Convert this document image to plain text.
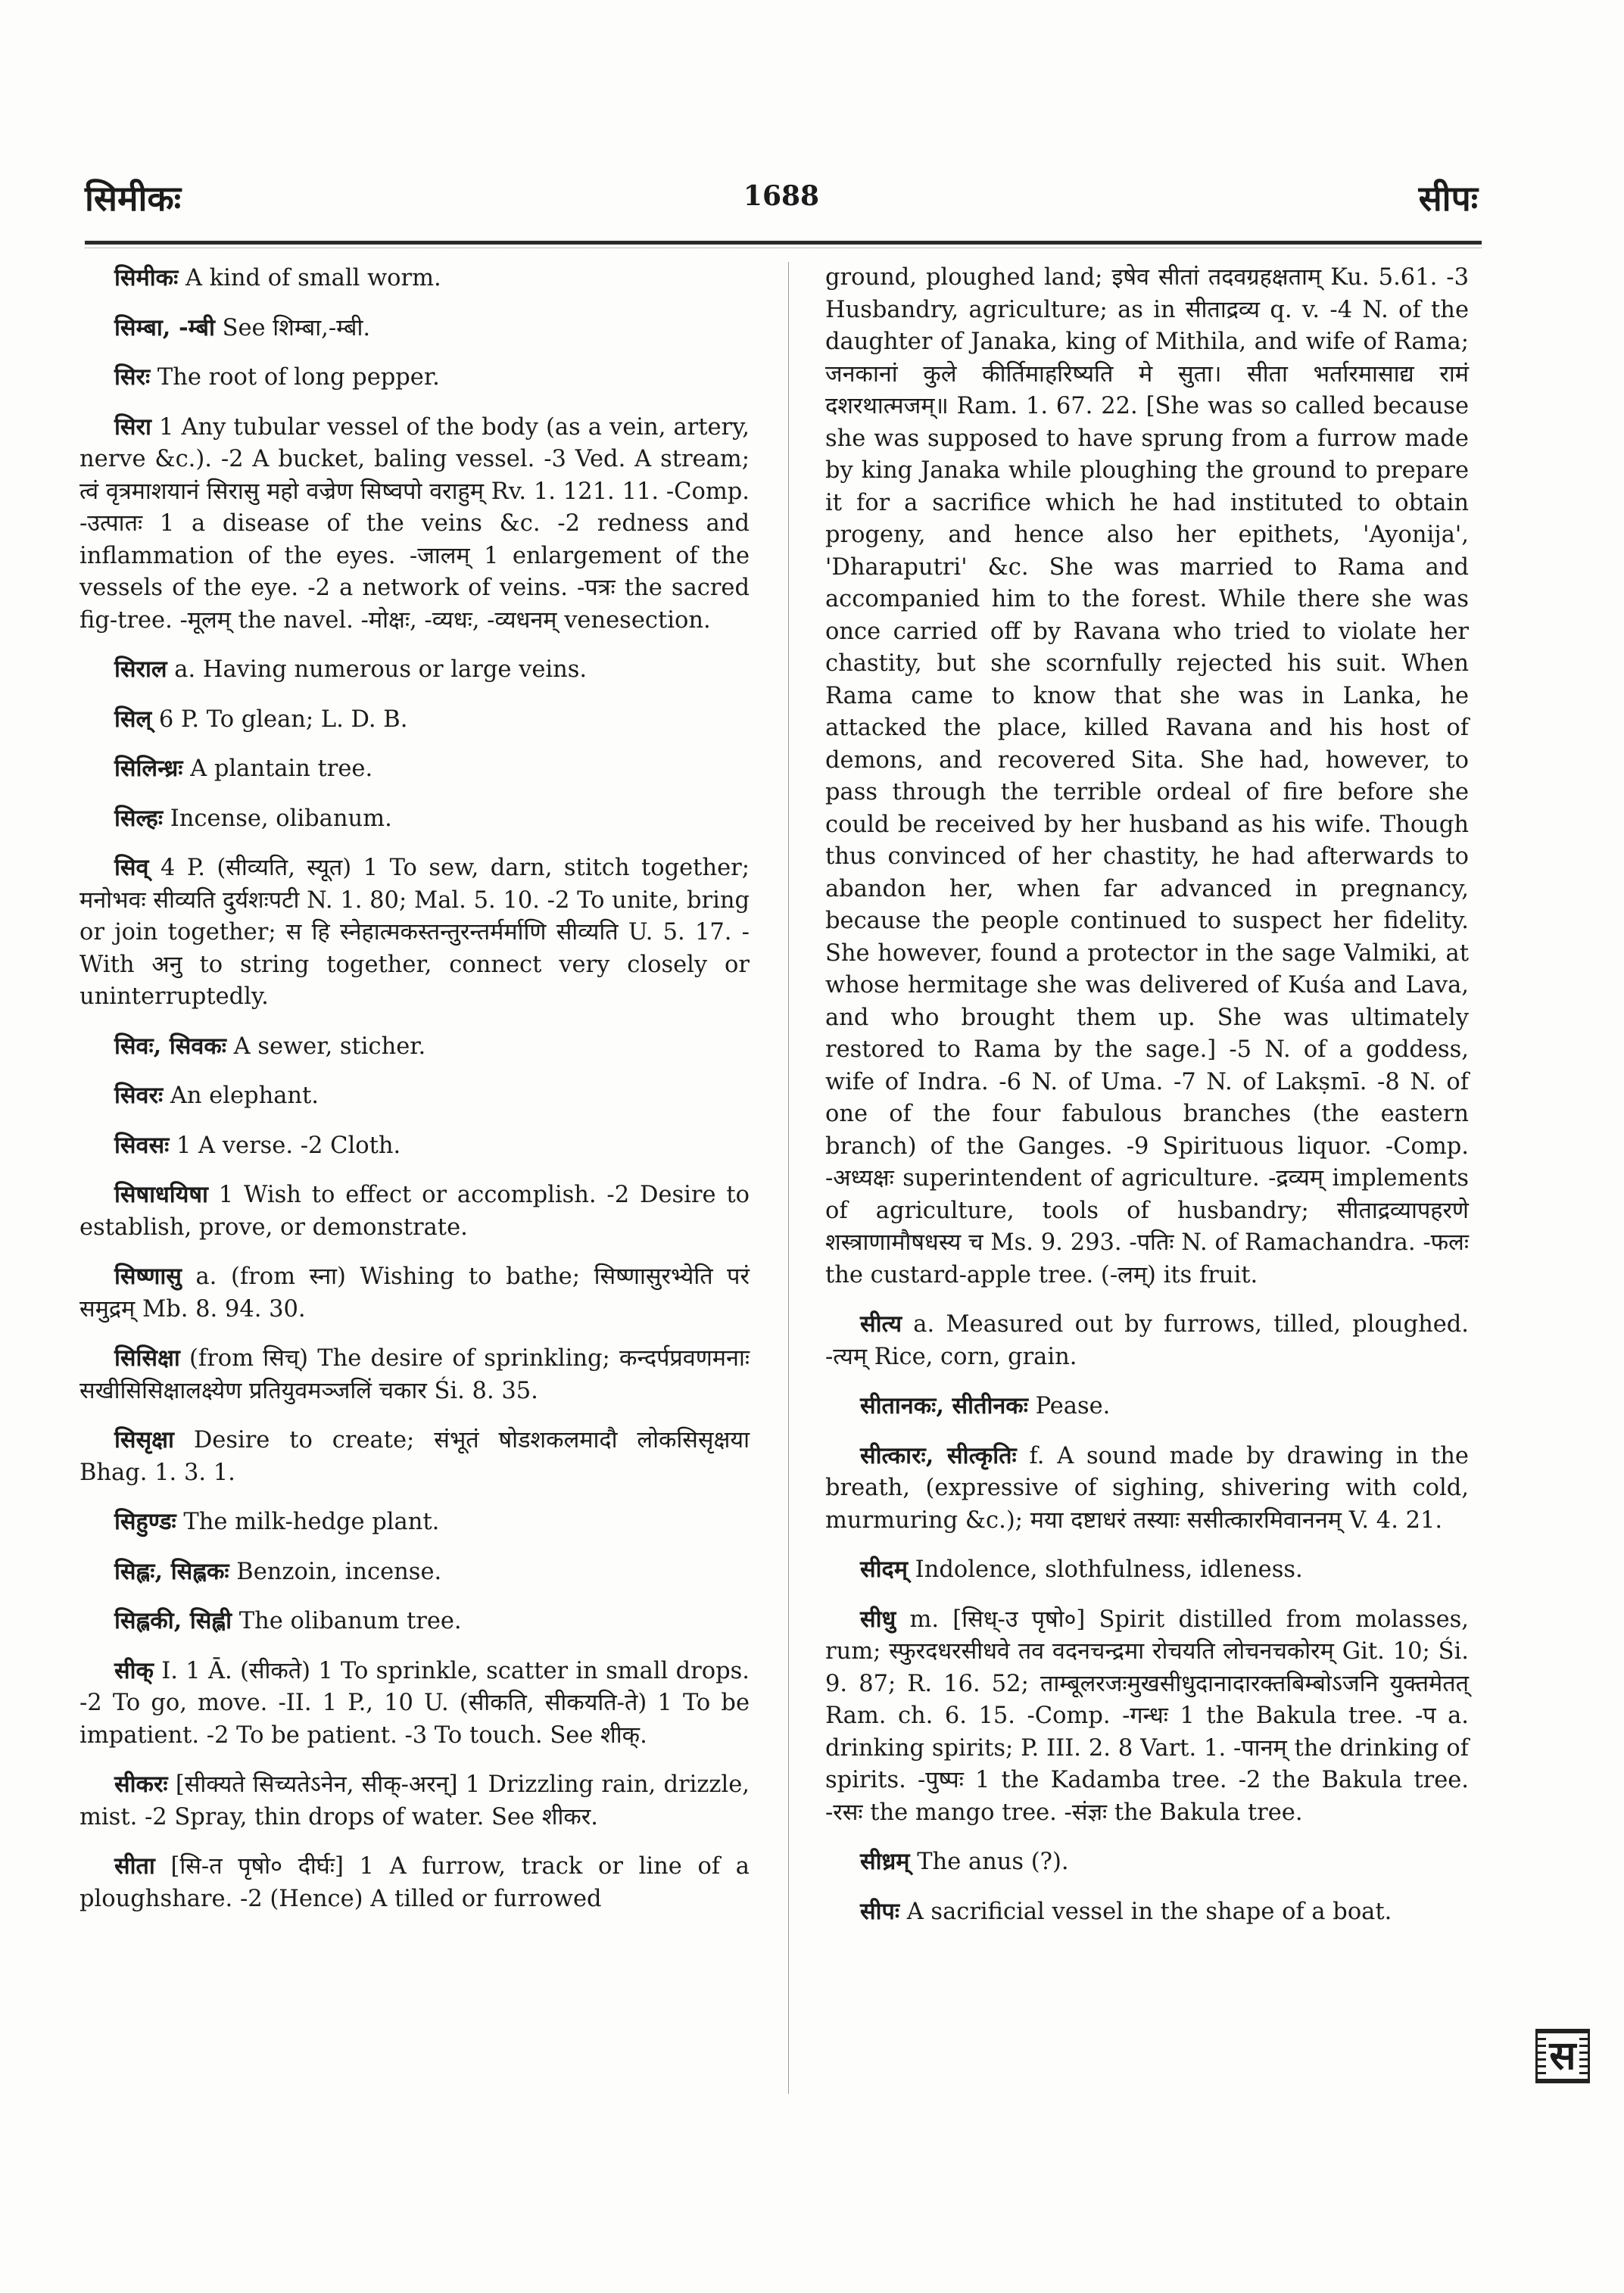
सिमीकः	1688	सीपः

सिमीकः A kind of small worm.

सिम्बा, -म्बी See शिम्बा,-म्बी.

सिरः The root of long pepper.

सिरा 1 Any tubular vessel of the body (as a vein, artery, nerve &c.). -2 A bucket, baling vessel. -3 Ved. A stream; त्वं वृत्रमाशयानं सिरासु महो वज्रेण सिष्वपो वराहुम् Rv. 1. 121. 11. -Comp. -उत्पातः 1 a disease of the veins &c. -2 redness and inflammation of the eyes. -जालम् 1 enlargement of the vessels of the eye. -2 a network of veins. -पत्रः the sacred fig-tree. -मूलम् the navel. -मोक्षः, -व्यधः, -व्यधनम् venesection.

सिराल a. Having numerous or large veins.

सिल् 6 P. To glean; L. D. B.

सिलिन्ध्रः A plantain tree.

सिल्हः Incense, olibanum.

सिव् 4 P. (सीव्यति, स्यूत) 1 To sew, darn, stitch together; मनोभवः सीव्यति दुर्यशःपटी N. 1. 80; Mal. 5. 10. -2 To unite, bring or join together; स हि स्नेहात्मकस्तन्तुरन्तर्मर्माणि सीव्यति U. 5. 17. -With अनु to string together, connect very closely or uninterruptedly.

सिवः, सिवकः A sewer, sticher.

सिवरः An elephant.

सिवसः 1 A verse. -2 Cloth.

सिषाधयिषा 1 Wish to effect or accomplish. -2 Desire to establish, prove, or demonstrate.

सिष्णासु a. (from स्ना) Wishing to bathe; सिष्णासुरभ्येति परं समुद्रम् Mb. 8. 94. 30.

सिसिक्षा (from सिच्) The desire of sprinkling; कन्दर्पप्रवणमनाः सखीसिसिक्षालक्ष्येण प्रतियुवमञ्जलिं चकार Śi. 8. 35.

सिसृक्षा Desire to create; संभूतं षोडशकलमादौ लोकसिसृक्षया Bhag. 1. 3. 1.

सिहुण्डः The milk-hedge plant.

सिह्लः, सिह्लकः Benzoin, incense.

सिह्लकी, सिह्ली The olibanum tree.

सीक् I. 1 Ā. (सीकते) 1 To sprinkle, scatter in small drops. -2 To go, move. -II. 1 P., 10 U. (सीकति, सीकयति-ते) 1 To be impatient. -2 To be patient. -3 To touch. See शीक्.

सीकरः [सीक्यते सिच्यतेऽनेन, सीक्-अरन्] 1 Drizzling rain, drizzle, mist. -2 Spray, thin drops of water. See शीकर.

सीता [सि-त पृषो० दीर्घः] 1 A furrow, track or line of a ploughshare. -2 (Hence) A tilled or furrowed

ground, ploughed land; इषेव सीतां तदवग्रहक्षताम् Ku. 5.61. -3 Husbandry, agriculture; as in सीताद्रव्य q. v. -4 N. of the daughter of Janaka, king of Mithila, and wife of Rama; जनकानां कुले कीर्तिमाहरिष्यति मे सुता। सीता भर्तारमासाद्य रामं दशरथात्मजम्॥ Ram. 1. 67. 22. [She was so called because she was supposed to have sprung from a furrow made by king Janaka while ploughing the ground to prepare it for a sacrifice which he had instituted to obtain progeny, and hence also her epithets, 'Ayonija', 'Dharaputri' &c. She was married to Rama and accompanied him to the forest. While there she was once carried off by Ravana who tried to violate her chastity, but she scornfully rejected his suit. When Rama came to know that she was in Lanka, he attacked the place, killed Ravana and his host of demons, and recovered Sita. She had, however, to pass through the terrible ordeal of fire before she could be received by her husband as his wife. Though thus convinced of her chastity, he had afterwards to abandon her, when far advanced in pregnancy, because the people continued to suspect her fidelity. She however, found a protector in the sage Valmiki, at whose hermitage she was delivered of Kuśa and Lava, and who brought them up. She was ultimately restored to Rama by the sage.] -5 N. of a goddess, wife of Indra. -6 N. of Uma. -7 N. of Lakṣmī. -8 N. of one of the four fabulous branches (the eastern branch) of the Ganges. -9 Spirituous liquor. -Comp. -अध्यक्षः superintendent of agriculture. -द्रव्यम् implements of agriculture, tools of husbandry; सीताद्रव्यापहरणे शस्त्राणामौषधस्य च Ms. 9. 293. -पतिः N. of Ramachandra. -फलः the custard-apple tree. (-लम्) its fruit.

सीत्य a. Measured out by furrows, tilled, ploughed. -त्यम् Rice, corn, grain.

सीतानकः, सीतीनकः Pease.

सीत्कारः, सीत्कृतिः f. A sound made by drawing in the breath, (expressive of sighing, shivering with cold, murmuring &c.); मया दष्टाधरं तस्याः ससीत्कारमिवाननम् V. 4. 21.

सीदम् Indolence, slothfulness, idleness.

सीधु m. [सिध्-उ पृषो०] Spirit distilled from molasses, rum; स्फुरदधरसीधवे तव वदनचन्द्रमा रोचयति लोचनचकोरम् Git. 10; Śi. 9. 87; R. 16. 52; ताम्बूलरजःमुखसीधुदानादारक्तबिम्बोऽजनि युक्तमेतत् Ram. ch. 6. 15. -Comp. -गन्धः 1 the Bakula tree. -प a. drinking spirits; P. III. 2. 8 Vart. 1. -पानम् the drinking of spirits. -पुष्पः 1 the Kadamba tree. -2 the Bakula tree. -रसः the mango tree. -संज्ञः the Bakula tree.

सीध्रम् The anus (?).

सीपः A sacrificial vessel in the shape of a boat.

स
